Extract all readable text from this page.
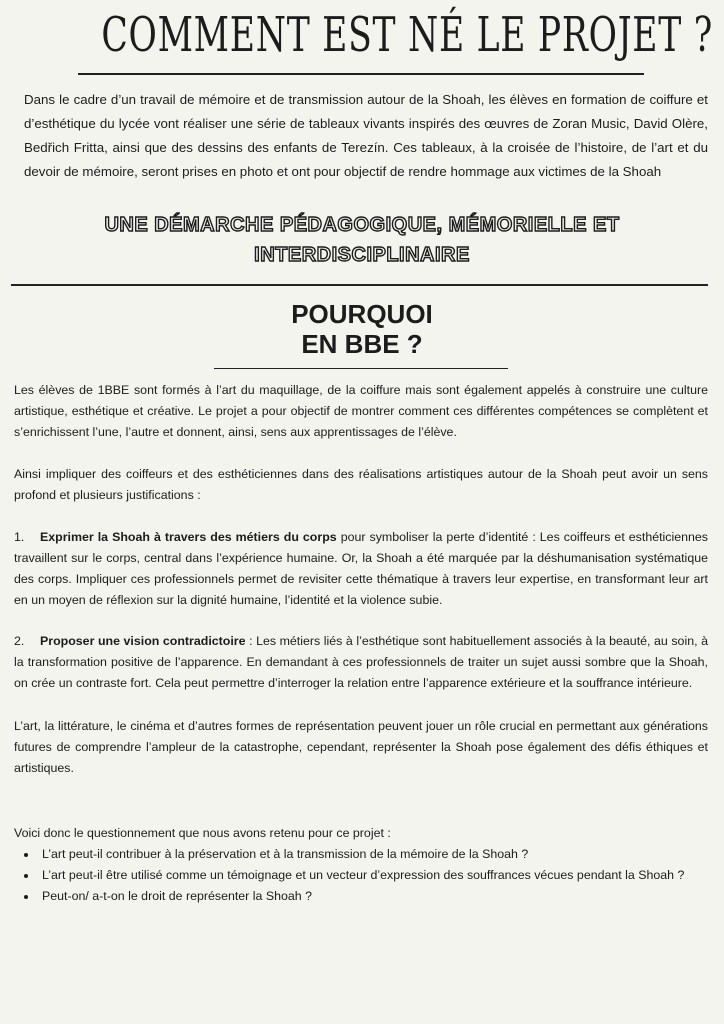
COMMENT EST NÉ LE PROJET ?

Dans le cadre d’un travail de mémoire et de transmission autour de la Shoah, les élèves en formation de coiffure et d’esthétique du lycée vont réaliser une série de tableaux vivants inspirés des œuvres de Zoran Music, David Olère, Bedřich Fritta, ainsi que des dessins des enfants de Terezín. Ces tableaux, à la croisée de l’histoire, de l’art et du devoir de mémoire, seront prises en photo et ont pour objectif de rendre hommage aux victimes de la Shoah

UNE DÉMARCHE PÉDAGOGIQUE, MÉMORIELLE ET
INTERDISCIPLINAIRE
POURQUOI
EN BBE ?

Les élèves de 1BBE sont formés à l’art du maquillage, de la coiffure mais sont également appelés à construire une culture artistique, esthétique et créative. Le projet a pour objectif de montrer comment ces différentes compétences se complètent et s’enrichissent l’une, l’autre et donnent, ainsi, sens aux apprentissages de l’élève.

Ainsi impliquer des coiffeurs et des esthéticiennes dans des réalisations artistiques autour de la Shoah peut avoir un sens profond et plusieurs justifications :

1. Exprimer la Shoah à travers des métiers du corps pour symboliser la perte d’identité : Les coiffeurs et esthéticiennes travaillent sur le corps, central dans l’expérience humaine. Or, la Shoah a été marquée par la déshumanisation systématique des corps. Impliquer ces professionnels permet de revisiter cette thématique à travers leur expertise, en transformant leur art en un moyen de réflexion sur la dignité humaine, l’identité et la violence subie.

2. Proposer une vision contradictoire : Les métiers liés à l’esthétique sont habituellement associés à la beauté, au soin, à la transformation positive de l’apparence. En demandant à ces professionnels de traiter un sujet aussi sombre que la Shoah, on crée un contraste fort. Cela peut permettre d’interroger la relation entre l’apparence extérieure et la souffrance intérieure.

L’art, la littérature, le cinéma et d’autres formes de représentation peuvent jouer un rôle crucial en permettant aux générations futures de comprendre l’ampleur de la catastrophe, cependant, représenter la Shoah pose également des défis éthiques et artistiques.

Voici donc le questionnement que nous avons retenu pour ce projet :

• L’art peut-il contribuer à la préservation et à la transmission de la mémoire de la Shoah ?
• L’art peut-il être utilisé comme un témoignage et un vecteur d’expression des souffrances vécues pendant la Shoah ?
• Peut-on/ a-t-on le droit de représenter la Shoah ?
